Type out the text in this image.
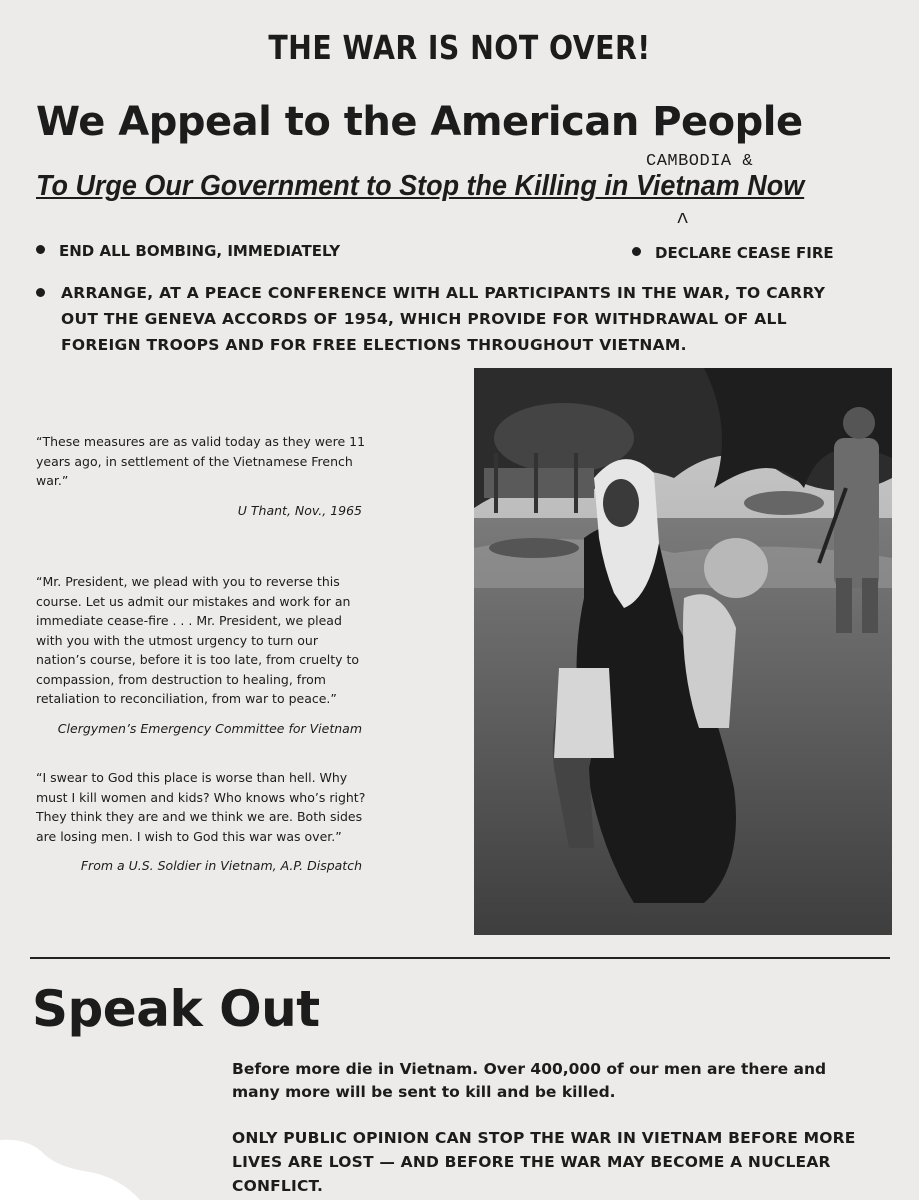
THE WAR IS NOT OVER!
We Appeal to the American People
CAMBODIA &
To Urge Our Government to Stop the Killing in Vietnam Now
^
END ALL BOMBING, IMMEDIATELY	DECLARE CEASE FIRE
ARRANGE, AT A PEACE CONFERENCE WITH ALL PARTICIPANTS IN THE WAR, TO CARRY OUT THE GENEVA ACCORDS OF 1954, WHICH PROVIDE FOR WITHDRAWAL OF ALL FOREIGN TROOPS AND FOR FREE ELECTIONS THROUGHOUT VIETNAM.
“These measures are as valid today as they were 11 years ago, in settlement of the Vietnamese French war.”
U Thant, Nov., 1965
“Mr. President, we plead with you to reverse this course. Let us admit our mistakes and work for an immediate cease-fire . . . Mr. President, we plead with you with the utmost urgency to turn our nation’s course, before it is too late, from cruelty to compassion, from destruction to healing, from retaliation to reconciliation, from war to peace.”
Clergymen’s Emergency Committee for Vietnam
“I swear to God this place is worse than hell. Why must I kill women and kids? Who knows who’s right? They think they are and we think we are. Both sides are losing men. I wish to God this war was over.”
From a U.S. Soldier in Vietnam, A.P. Dispatch
Speak Out
Before more die in Vietnam. Over 400,000 of our men are there and many more will be sent to kill and be killed.
ONLY PUBLIC OPINION CAN STOP THE WAR IN VIETNAM BEFORE MORE LIVES ARE LOST — AND BEFORE THE WAR MAY BECOME A NUCLEAR CONFLICT.
